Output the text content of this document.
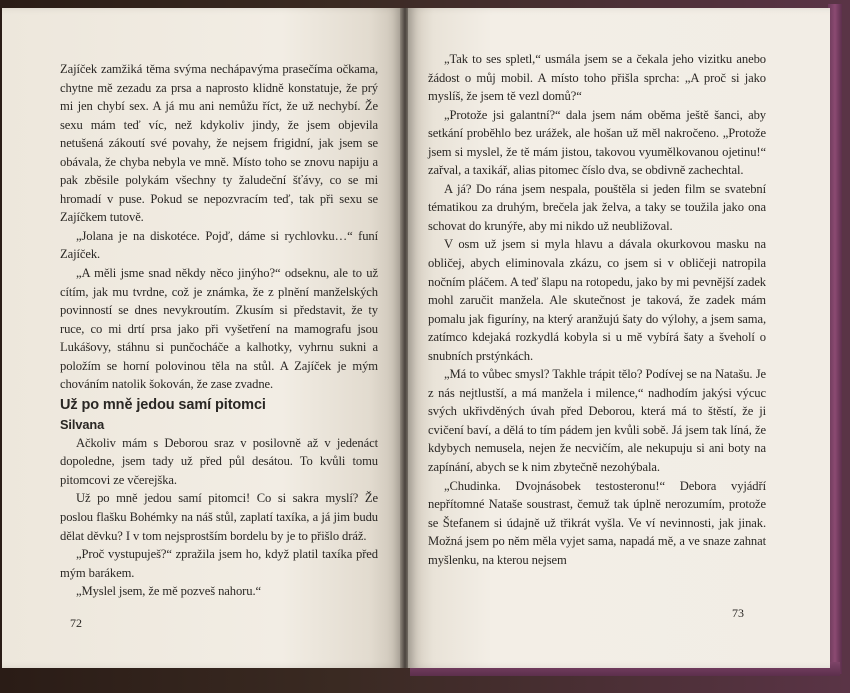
Zajíček zamžiká těma svýma nechápavýma prasečíma očkama, chytne mě zezadu za prsa a naprosto klidně konstatuje, že prý mi jen chybí sex. A já mu ani nemůžu říct, že už nechybí. Že sexu mám teď víc, než kdykoliv jindy, že jsem objevila netušená zákoutí své povahy, že nejsem frigidní, jak jsem se obávala, že chyba nebyla ve mně. Místo toho se znovu napiju a pak zběsile polykám všechny ty žaludeční šťávy, co se mi hromadí v puse. Pokud se nepozvracím teď, tak při sexu se Zajíčkem tutově.

„Jolana je na diskotéce. Pojď, dáme si rychlovku…“ funí Zajíček.

„A měli jsme snad někdy něco jinýho?“ odseknu, ale to už cítím, jak mu tvrdne, což je známka, že z plnění manželských povinností se dnes nevykroutím. Zkusím si představit, že ty ruce, co mi drtí prsa jako při vyšetření na mamografu jsou Lukášovy, stáhnu si punčocháče a kalhotky, vyhrnu sukni a položím se horní polovinou těla na stůl. A Zajíček je mým chováním natolik šokován, že zase zvadne.

Už po mně jedou samí pitomci

Silvana

Ačkoliv mám s Deborou sraz v posilovně až v jedenáct dopoledne, jsem tady už před půl desátou. To kvůli tomu pitomcovi ze včerejška.

Už po mně jedou samí pitomci! Co si sakra myslí? Že poslou flašku Bohémky na náš stůl, zaplatí taxíka, a já jim budu dělat děvku? I v tom nejsprostším bordelu by je to přišlo dráž.

„Proč vystupuješ?“ zpražila jsem ho, když platil taxíka před mým barákem.

„Myslel jsem, že mě pozveš nahoru.“

72

„Tak to ses spletl,“ usmála jsem se a čekala jeho vizitku anebo žádost o můj mobil. A místo toho přišla sprcha: „A proč si jako myslíš, že jsem tě vezl domů?“

„Protože jsi galantní?“ dala jsem nám oběma ještě šanci, aby setkání proběhlo bez urážek, ale hošan už měl nakročeno. „Protože jsem si myslel, že tě mám jistou, takovou vyumělkovanou ojetinu!“ zařval, a taxikář, alias pitomec číslo dva, se obdivně zachechtal.

A já? Do rána jsem nespala, pouštěla si jeden film se svatební tématikou za druhým, brečela jak želva, a taky se toužila jako ona schovat do krunýře, aby mi nikdo už neubližoval.

V osm už jsem si myla hlavu a dávala okurkovou masku na obličej, abych eliminovala zkázu, co jsem si v obličeji natropila nočním pláčem. A teď šlapu na rotopedu, jako by mi pevnější zadek mohl zaručit manžela. Ale skutečnost je taková, že zadek mám pomalu jak figuríny, na který aranžujú šaty do výlohy, a jsem sama, zatímco kdejaká rozkydlá kobyla si u mě vybírá šaty a šveholí o snubních prstýnkách.

„Má to vůbec smysl? Takhle trápit tělo? Podívej se na Natašu. Je z nás nejtlustší, a má manžela i milence,“ nadhodím jakýsi výcuc svých ukřivděných úvah před Deborou, která má to štěstí, že ji cvičení baví, a dělá to tím pádem jen kvůli sobě. Já jsem tak líná, že kdybych nemusela, nejen že necvičím, ale nekupuju si ani boty na zapínání, abych se k nim zbytečně nezohýbala.

„Chudinka. Dvojnásobek testosteronu!“ Debora vyjádří nepřítomné Nataše soustrast, čemuž tak úplně nerozumím, protože se Štefanem si údajně už třikrát vyšla. Ve ví nevinnosti, jak jinak. Možná jsem po něm měla vyjet sama, napadá mě, a ve snaze zahnat myšlenku, na kterou nejsem

73
